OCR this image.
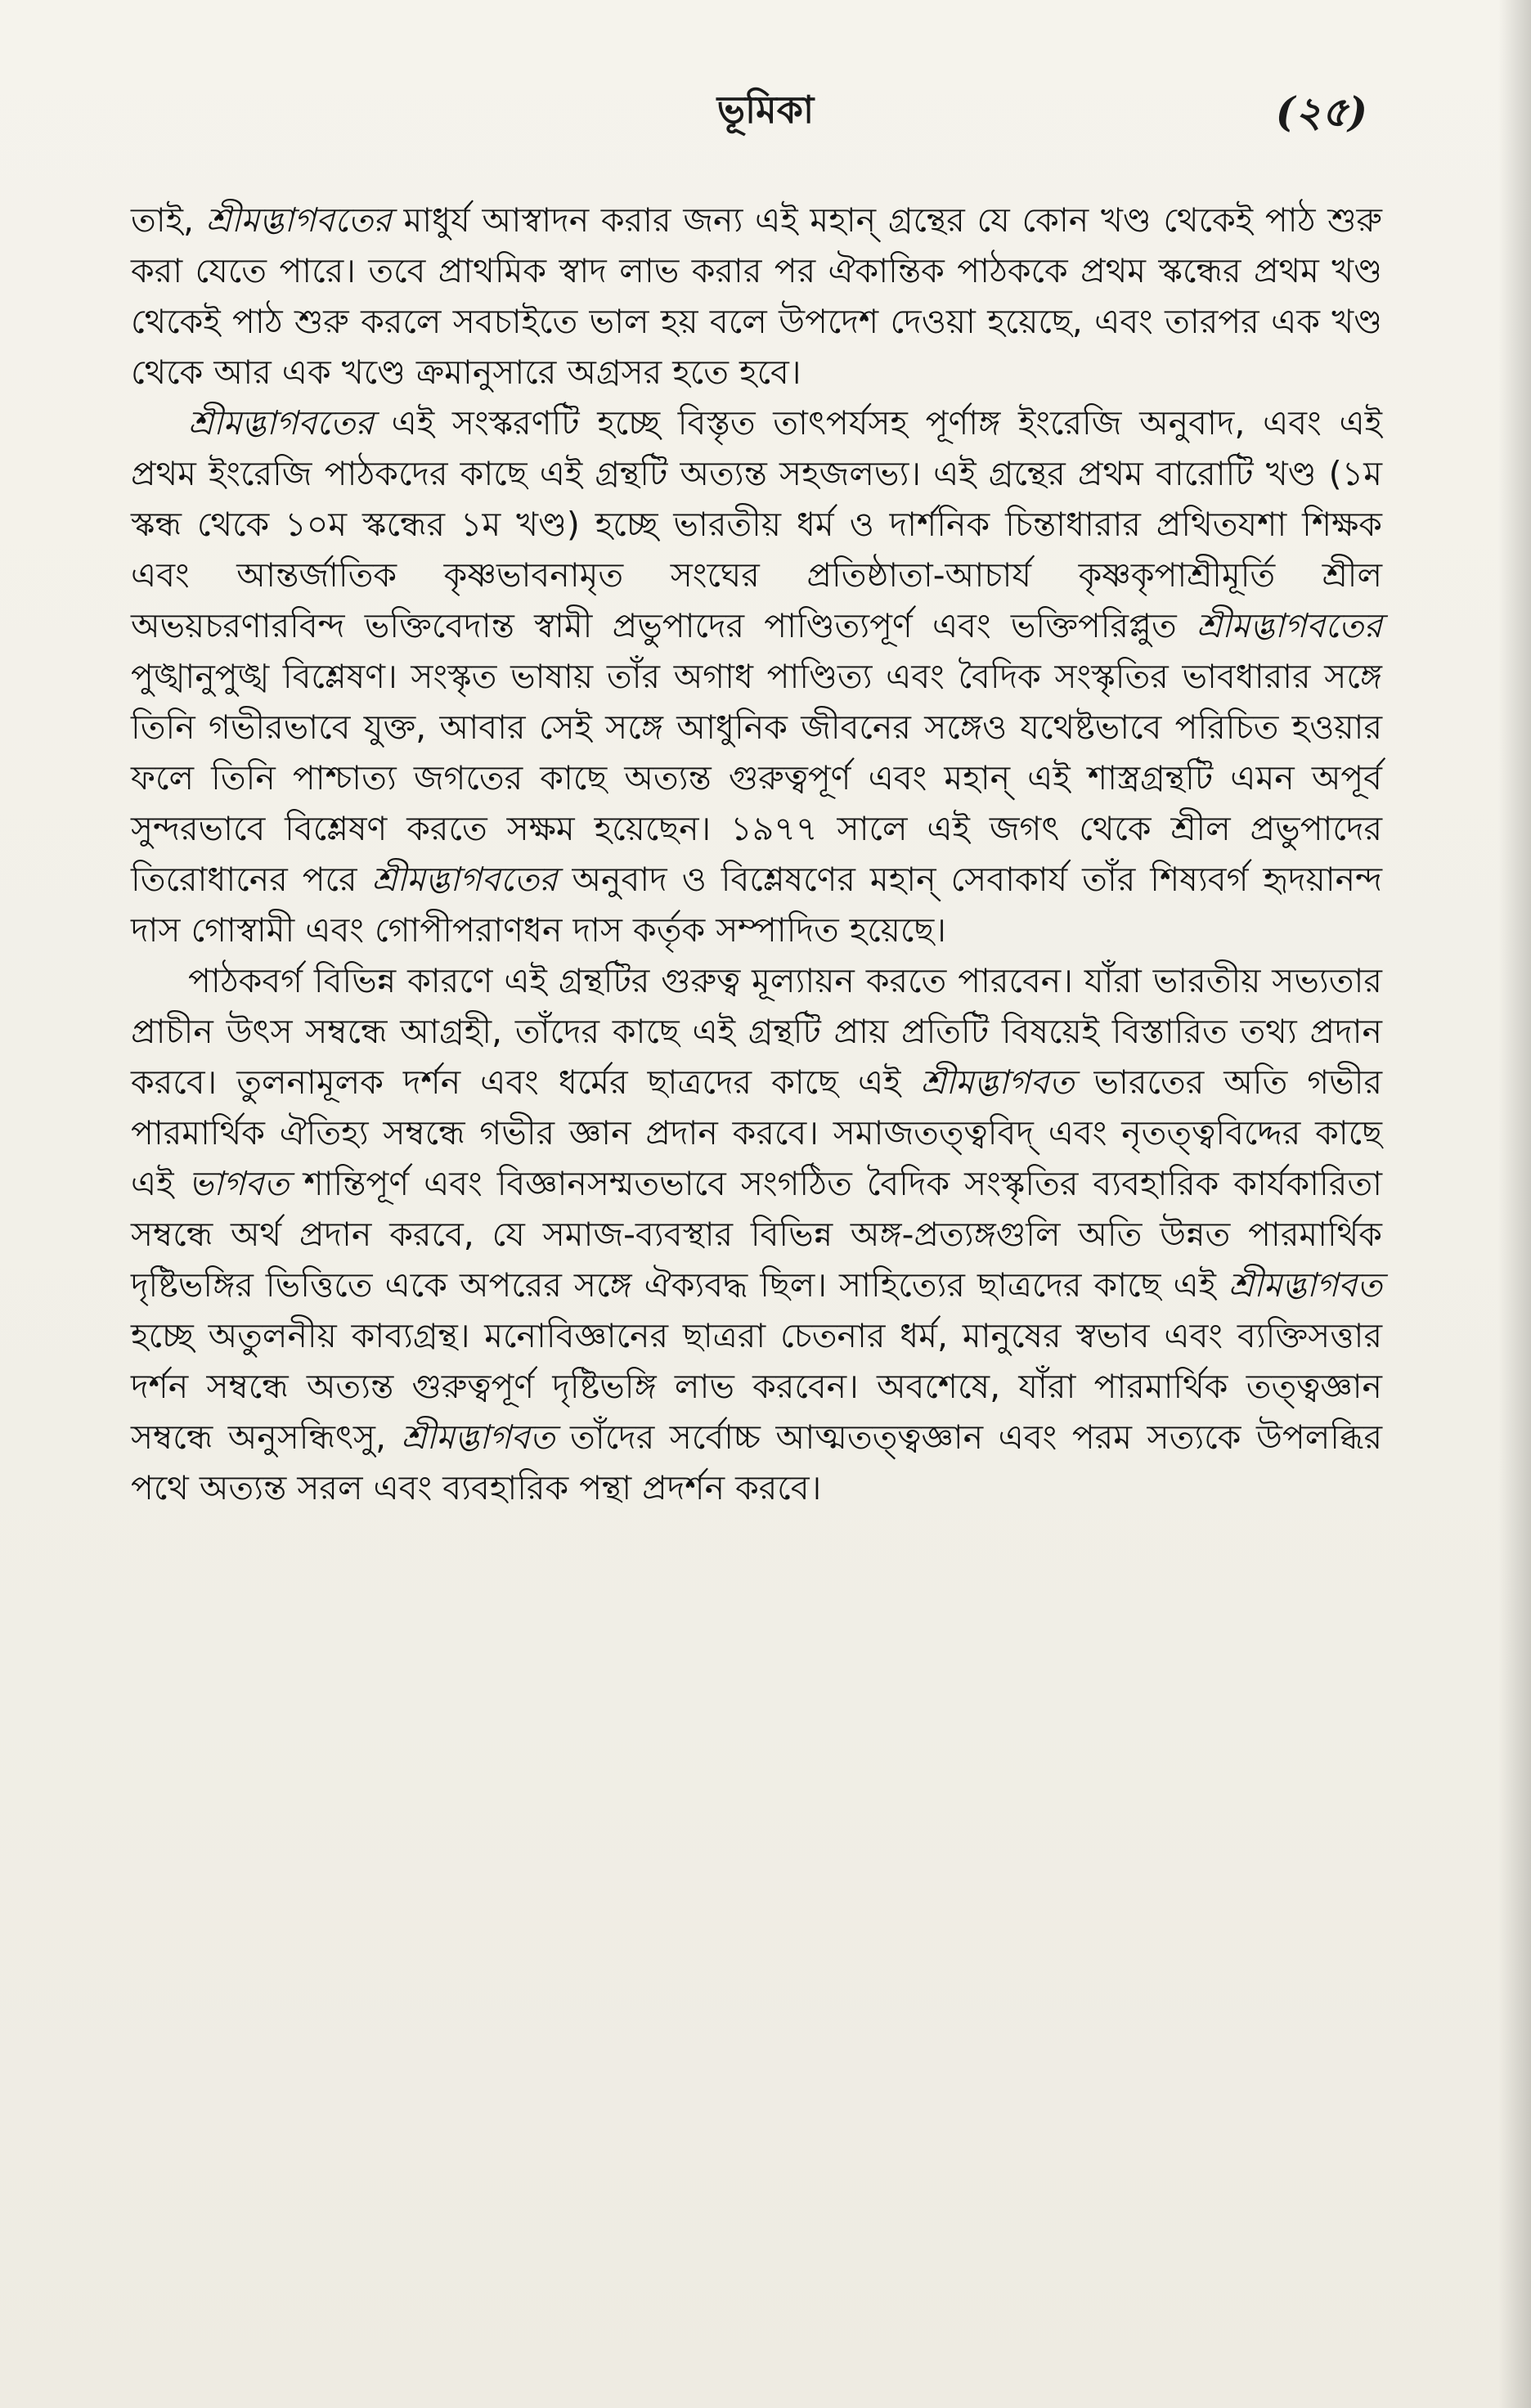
ভূমিকা	(২৫)

তাই, শ্রীমদ্ভাগবতের মাধুর্য আস্বাদন করার জন্য এই মহান্ গ্রন্থের যে কোন খণ্ড থেকেই পাঠ শুরু করা যেতে পারে। তবে প্রাথমিক স্বাদ লাভ করার পর ঐকান্তিক পাঠককে প্রথম স্কন্ধের প্রথম খণ্ড থেকেই পাঠ শুরু করলে সবচাইতে ভাল হয় বলে উপদেশ দেওয়া হয়েছে, এবং তারপর এক খণ্ড থেকে আর এক খণ্ডে ক্রমানুসারে অগ্রসর হতে হবে।

শ্রীমদ্ভাগবতের এই সংস্করণটি হচ্ছে বিস্তৃত তাৎপর্যসহ পূর্ণাঙ্গ ইংরেজি অনুবাদ, এবং এই প্রথম ইংরেজি পাঠকদের কাছে এই গ্রন্থটি অত্যন্ত সহজলভ্য। এই গ্রন্থের প্রথম বারোটি খণ্ড (১ম স্কন্ধ থেকে ১০ম স্কন্ধের ১ম খণ্ড) হচ্ছে ভারতীয় ধর্ম ও দার্শনিক চিন্তাধারার প্রথিতযশা শিক্ষক এবং আন্তর্জাতিক কৃষ্ণভাবনামৃত সংঘের প্রতিষ্ঠাতা-আচার্য কৃষ্ণকৃপাশ্রীমূর্তি শ্রীল অভয়চরণারবিন্দ ভক্তিবেদান্ত স্বামী প্রভুপাদের পাণ্ডিত্যপূর্ণ এবং ভক্তিপরিপ্লুত শ্রীমদ্ভাগবতের পুঙ্খানুপুঙ্খ বিশ্লেষণ। সংস্কৃত ভাষায় তাঁর অগাধ পাণ্ডিত্য এবং বৈদিক সংস্কৃতির ভাবধারার সঙ্গে তিনি গভীরভাবে যুক্ত, আবার সেই সঙ্গে আধুনিক জীবনের সঙ্গেও যথেষ্টভাবে পরিচিত হওয়ার ফলে তিনি পাশ্চাত্য জগতের কাছে অত্যন্ত গুরুত্বপূর্ণ এবং মহান্ এই শাস্ত্রগ্রন্থটি এমন অপূর্ব সুন্দরভাবে বিশ্লেষণ করতে সক্ষম হয়েছেন। ১৯৭৭ সালে এই জগৎ থেকে শ্রীল প্রভুপাদের তিরোধানের পরে শ্রীমদ্ভাগবতের অনুবাদ ও বিশ্লেষণের মহান্ সেবাকার্য তাঁর শিষ্যবর্গ হৃদয়ানন্দ দাস গোস্বামী এবং গোপীপরাণধন দাস কর্তৃক সম্পাদিত হয়েছে।

পাঠকবর্গ বিভিন্ন কারণে এই গ্রন্থটির গুরুত্ব মূল্যায়ন করতে পারবেন। যাঁরা ভারতীয় সভ্যতার প্রাচীন উৎস সম্বন্ধে আগ্রহী, তাঁদের কাছে এই গ্রন্থটি প্রায় প্রতিটি বিষয়েই বিস্তারিত তথ্য প্রদান করবে। তুলনামূলক দর্শন এবং ধর্মের ছাত্রদের কাছে এই শ্রীমদ্ভাগবত ভারতের অতি গভীর পারমার্থিক ঐতিহ্য সম্বন্ধে গভীর জ্ঞান প্রদান করবে। সমাজতত্ত্ববিদ্ এবং নৃতত্ত্ববিদ্দের কাছে এই ভাগবত শান্তিপূর্ণ এবং বিজ্ঞানসম্মতভাবে সংগঠিত বৈদিক সংস্কৃতির ব্যবহারিক কার্যকারিতা সম্বন্ধে অর্থ প্রদান করবে, যে সমাজ-ব্যবস্থার বিভিন্ন অঙ্গ-প্রত্যঙ্গগুলি অতি উন্নত পারমার্থিক দৃষ্টিভঙ্গির ভিত্তিতে একে অপরের সঙ্গে ঐক্যবদ্ধ ছিল। সাহিত্যের ছাত্রদের কাছে এই শ্রীমদ্ভাগবত হচ্ছে অতুলনীয় কাব্যগ্রন্থ। মনোবিজ্ঞানের ছাত্ররা চেতনার ধর্ম, মানুষের স্বভাব এবং ব্যক্তিসত্তার দর্শন সম্বন্ধে অত্যন্ত গুরুত্বপূর্ণ দৃষ্টিভঙ্গি লাভ করবেন। অবশেষে, যাঁরা পারমার্থিক তত্ত্বজ্ঞান সম্বন্ধে অনুসন্ধিৎসু, শ্রীমদ্ভাগবত তাঁদের সর্বোচ্চ আত্মতত্ত্বজ্ঞান এবং পরম সত্যকে উপলব্ধির পথে অত্যন্ত সরল এবং ব্যবহারিক পন্থা প্রদর্শন করবে।
